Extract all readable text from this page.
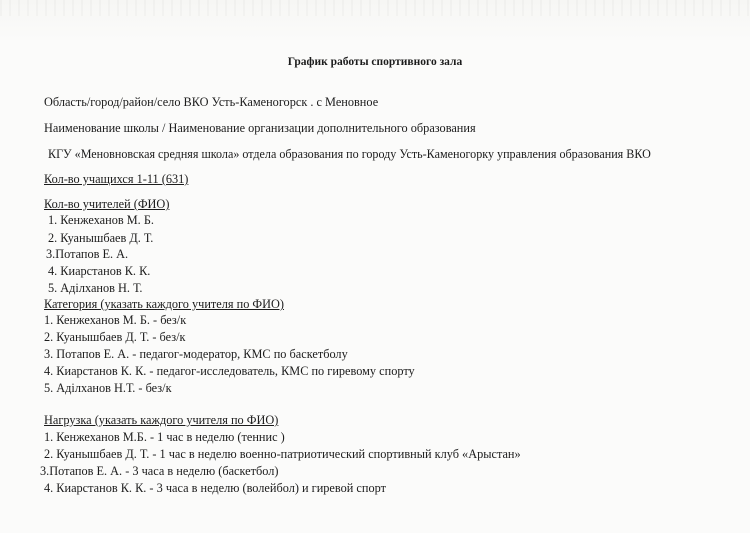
График работы спортивного зала
Область/город/район/село ВКО Усть-Каменогорск . с Меновное
Наименование школы / Наименование организации дополнительного образования
КГУ «Меновновская средняя школа» отдела образования по городу Усть-Каменогорку управления образования ВКО
Кол-во учащихся 1-11 (631)
Кол-во учителей (ФИО)
1. Кенжеханов М. Б.
2. Куанышбаев Д. Т.
3.Потапов Е. А.
4. Киарстанов К. К.
5. Аділханов Н. Т.
Категория (указать каждого учителя по ФИО)
1. Кенжеханов М. Б. - без/к
2. Куанышбаев Д. Т. - без/к
3. Потапов Е. А. - педагог-модератор, КМС по баскетболу
4. Киарстанов К. К. - педагог-исследователь, КМС по гиревому спорту
5. Аділханов Н.Т. - без/к
Нагрузка (указать каждого учителя по ФИО)
1. Кенжеханов М.Б. - 1 час в неделю (теннис )
2. Куанышбаев Д. Т. - 1 час в неделю военно-патриотический спортивный клуб «Арыстан»
3.Потапов Е. А. - 3 часа в неделю (баскетбол)
4. Киарстанов К. К. - 3 часа в неделю (волейбол) и гиревой спорт
